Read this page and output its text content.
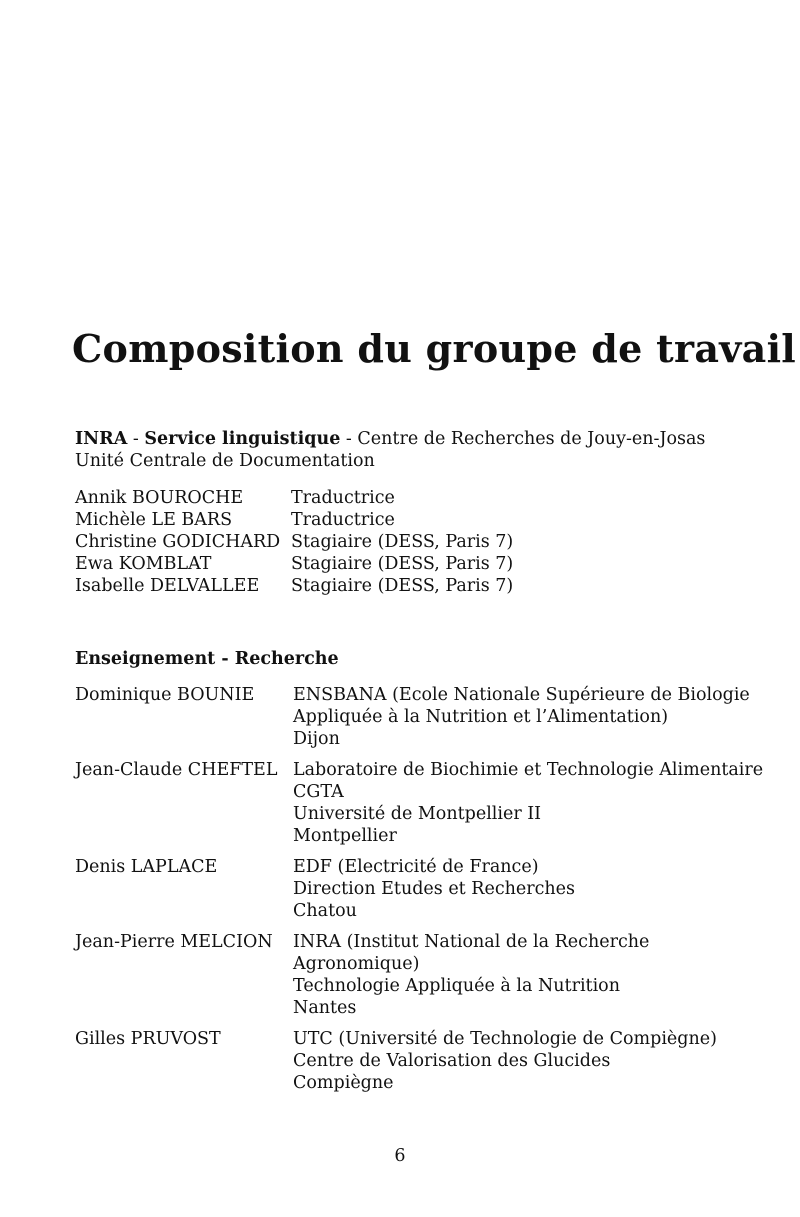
Composition du groupe de travail
INRA - Service linguistique - Centre de Recherches de Jouy-en-Josas
Unité Centrale de Documentation
Annik BOUROCHE	Traductrice
Michèle LE BARS	Traductrice
Christine GODICHARD Stagiaire (DESS, Paris 7)
Ewa KOMBLAT	Stagiaire (DESS, Paris 7)
Isabelle DELVALLEE	Stagiaire (DESS, Paris 7)
Enseignement - Recherche
Dominique BOUNIE	ENSBANA (Ecole Nationale Supérieure de Biologie
Appliquée à la Nutrition et l’Alimentation)
Dijon
Jean-Claude CHEFTEL Laboratoire de Biochimie et Technologie Alimentaire
CGTA
Université de Montpellier II
Montpellier
Denis LAPLACE	EDF (Electricité de France)
Direction Etudes et Recherches
Chatou
Jean-Pierre MELCION	INRA (Institut National de la Recherche
Agronomique)
Technologie Appliquée à la Nutrition
Nantes
Gilles PRUVOST	UTC (Université de Technologie de Compiègne)
Centre de Valorisation des Glucides
Compiègne
6
